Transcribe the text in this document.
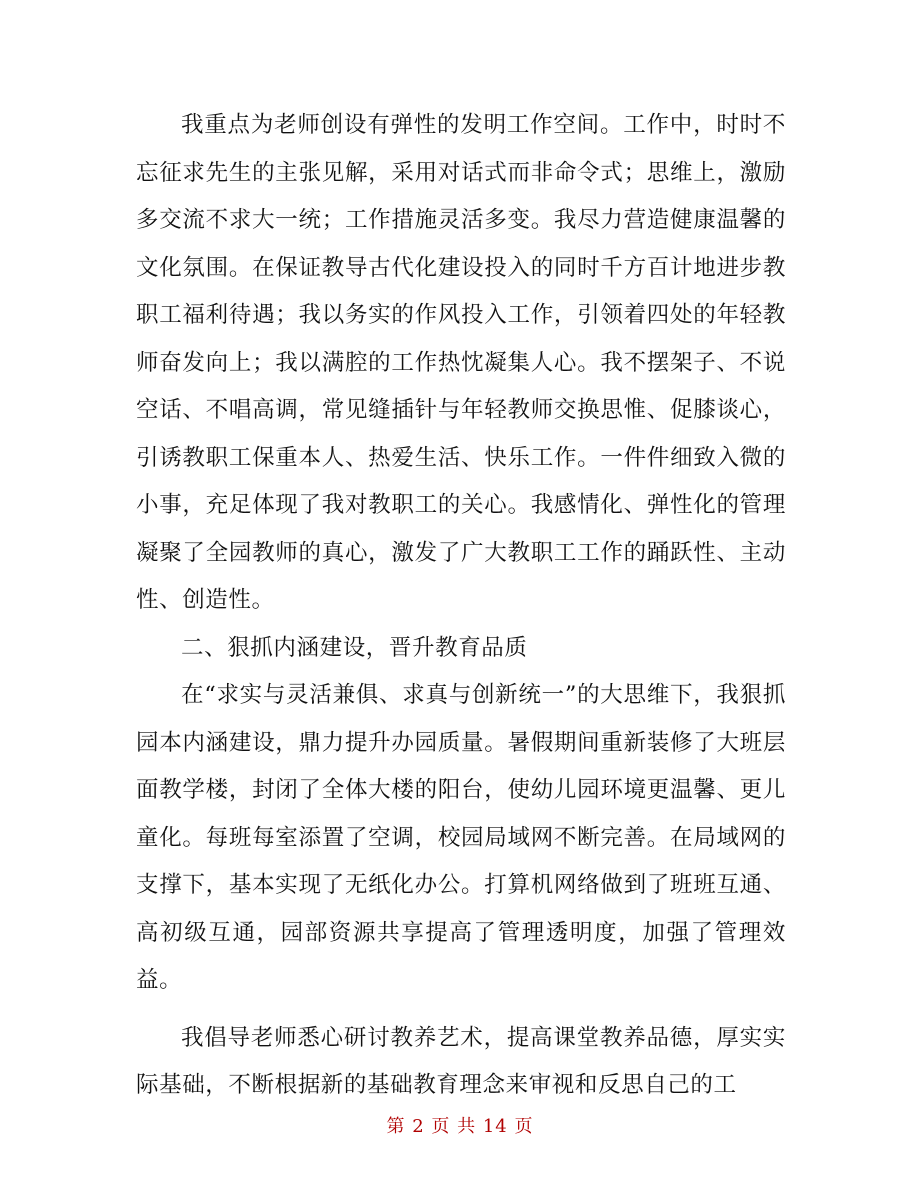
我重点为老师创设有弹性的发明工作空间。工作中，时时不忘征求先生的主张见解，采用对话式而非命令式；思维上，激励多交流不求大一统；工作措施灵活多变。我尽力营造健康温馨的文化氛围。在保证教导古代化建设投入的同时千方百计地进步教职工福利待遇；我以务实的作风投入工作，引领着四处的年轻教师奋发向上；我以满腔的工作热忱凝集人心。我不摆架子、不说空话、不唱高调，常见缝插针与年轻教师交换思惟、促膝谈心，引诱教职工保重本人、热爱生活、快乐工作。一件件细致入微的小事，充足体现了我对教职工的关心。我感情化、弹性化的管理凝聚了全园教师的真心，激发了广大教职工工作的踊跃性、主动性、创造性。

二、狠抓内涵建设，晋升教育品质

在“求实与灵活兼俱、求真与创新统一”的大思维下，我狠抓园本内涵建设，鼎力提升办园质量。暑假期间重新装修了大班层面教学楼，封闭了全体大楼的阳台，使幼儿园环境更温馨、更儿童化。每班每室添置了空调，校园局域网不断完善。在局域网的支撑下，基本实现了无纸化办公。打算机网络做到了班班互通、高初级互通，园部资源共享提高了管理透明度，加强了管理效益。

我倡导老师悉心研讨教养艺术，提高课堂教养品德，厚实实际基础，不断根据新的基础教育理念来审视和反思自己的工

第 2 页 共 14 页
